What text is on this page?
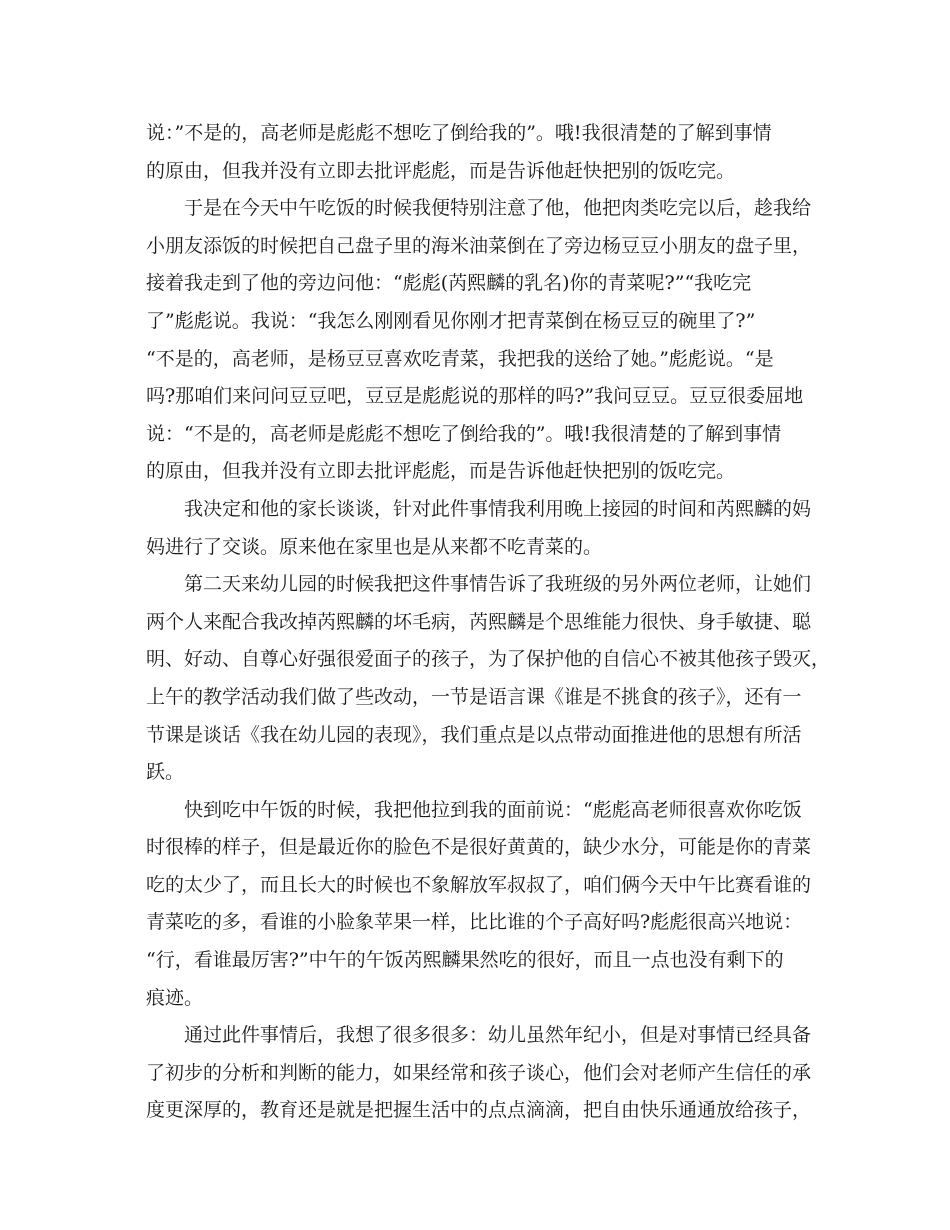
说：”不是的，高老师是彪彪不想吃了倒给我的”。哦!我很清楚的了解到事情
的原由，但我并没有立即去批评彪彪，而是告诉他赶快把别的饭吃完。
　　于是在今天中午吃饭的时候我便特别注意了他，他把肉类吃完以后，趁我给
小朋友添饭的时候把自己盘子里的海米油菜倒在了旁边杨豆豆小朋友的盘子里，
接着我走到了他的旁边问他：“彪彪(芮熙麟的乳名)你的青菜呢?”“我吃完
了”彪彪说。我说：“我怎么刚刚看见你刚才把青菜倒在杨豆豆的碗里了?”
“不是的，高老师，是杨豆豆喜欢吃青菜，我把我的送给了她。”彪彪说。“是
吗?那咱们来问问豆豆吧，豆豆是彪彪说的那样的吗?”我问豆豆。豆豆很委屈地
说：“不是的，高老师是彪彪不想吃了倒给我的”。哦!我很清楚的了解到事情
的原由，但我并没有立即去批评彪彪，而是告诉他赶快把别的饭吃完。
　　我决定和他的家长谈谈，针对此件事情我利用晚上接园的时间和芮熙麟的妈
妈进行了交谈。原来他在家里也是从来都不吃青菜的。
　　第二天来幼儿园的时候我把这件事情告诉了我班级的另外两位老师，让她们
两个人来配合我改掉芮熙麟的坏毛病，芮熙麟是个思维能力很快、身手敏捷、聪
明、好动、自尊心好强很爱面子的孩子，为了保护他的自信心不被其他孩子毁灭，
上午的教学活动我们做了些改动，一节是语言课《谁是不挑食的孩子》，还有一
节课是谈话《我在幼儿园的表现》，我们重点是以点带动面推进他的思想有所活
跃。
　　快到吃中午饭的时候，我把他拉到我的面前说：“彪彪高老师很喜欢你吃饭
时很棒的样子，但是最近你的脸色不是很好黄黄的，缺少水分，可能是你的青菜
吃的太少了，而且长大的时候也不象解放军叔叔了，咱们俩今天中午比赛看谁的
青菜吃的多，看谁的小脸象苹果一样，比比谁的个子高好吗?彪彪很高兴地说：
“行，看谁最厉害?”中午的午饭芮熙麟果然吃的很好，而且一点也没有剩下的
痕迹。
　　通过此件事情后，我想了很多很多：幼儿虽然年纪小，但是对事情已经具备
了初步的分析和判断的能力，如果经常和孩子谈心，他们会对老师产生信任的承
度更深厚的，教育还是就是把握生活中的点点滴滴，把自由快乐通通放给孩子，
